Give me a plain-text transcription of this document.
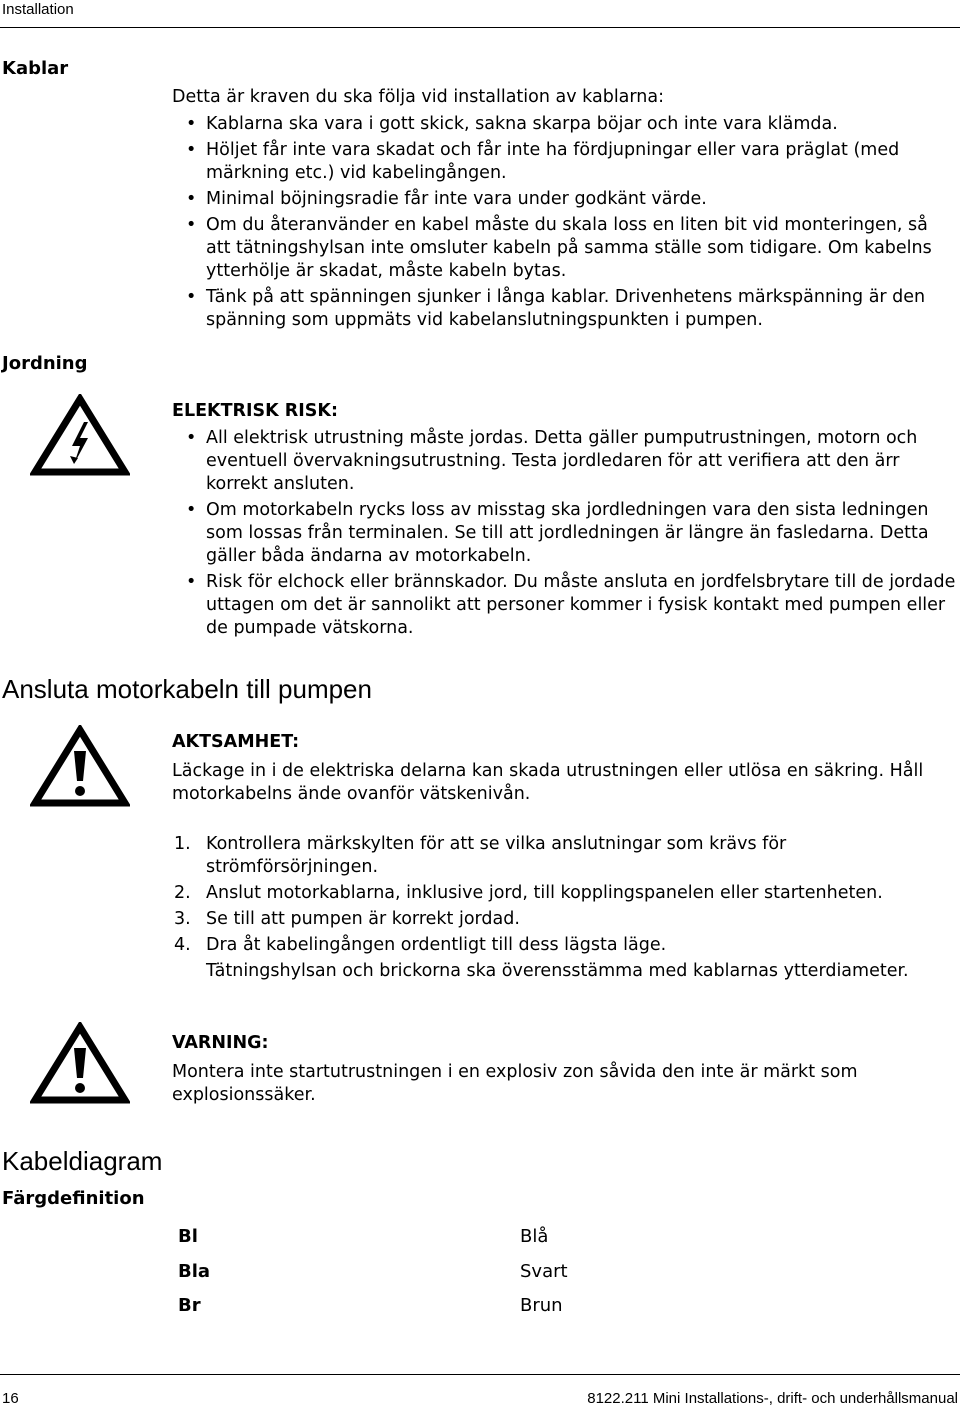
Installation
Kablar

Detta är kraven du ska följa vid installation av kablarna:

• Kablarna ska vara i gott skick, sakna skarpa böjar och inte vara klämda.
• Höljet får inte vara skadat och får inte ha fördjupningar eller vara präglat (med märkning etc.) vid kabelingången.
• Minimal böjningsradie får inte vara under godkänt värde.
• Om du återanvänder en kabel måste du skala loss en liten bit vid monteringen, så att tätningshylsan inte omsluter kabeln på samma ställe som tidigare. Om kabelns ytterhölje är skadat, måste kabeln bytas.
• Tänk på att spänningen sjunker i långa kablar. Drivenhetens märkspänning är den spänning som uppmäts vid kabelanslutningspunkten i pumpen.
Jordning

ELEKTRISK RISK:

• All elektrisk utrustning måste jordas. Detta gäller pumputrustningen, motorn och eventuell övervakningsutrustning. Testa jordledaren för att verifiera att den ärr korrekt ansluten.
• Om motorkabeln rycks loss av misstag ska jordledningen vara den sista ledningen som lossas från terminalen. Se till att jordledningen är längre än fasledarna. Detta gäller båda ändarna av motorkabeln.
• Risk för elchock eller brännskador. Du måste ansluta en jordfelsbrytare till de jordade uttagen om det är sannolikt att personer kommer i fysisk kontakt med pumpen eller de pumpade vätskorna.
Ansluta motorkabeln till pumpen

AKTSAMHET:

Läckage in i de elektriska delarna kan skada utrustningen eller utlösa en säkring. Håll motorkabelns ände ovanför vätskenivån.

1. Kontrollera märkskylten för att se vilka anslutningar som krävs för strömförsörjningen.
2. Anslut motorkablarna, inklusive jord, till kopplingspanelen eller startenheten.
3. Se till att pumpen är korrekt jordad.
4. Dra åt kabelingången ordentligt till dess lägsta läge.

Tätningshylsan och brickorna ska överensstämma med kablarnas ytterdiameter.

VARNING:

Montera inte startutrustningen i en explosiv zon såvida den inte är märkt som explosionssäker.

Kabeldiagram
Färgdefinition
Bl	Blå
Bla	Svart
Br	Brun
16	8122.211 Mini Installations-, drift- och underhållsmanual
